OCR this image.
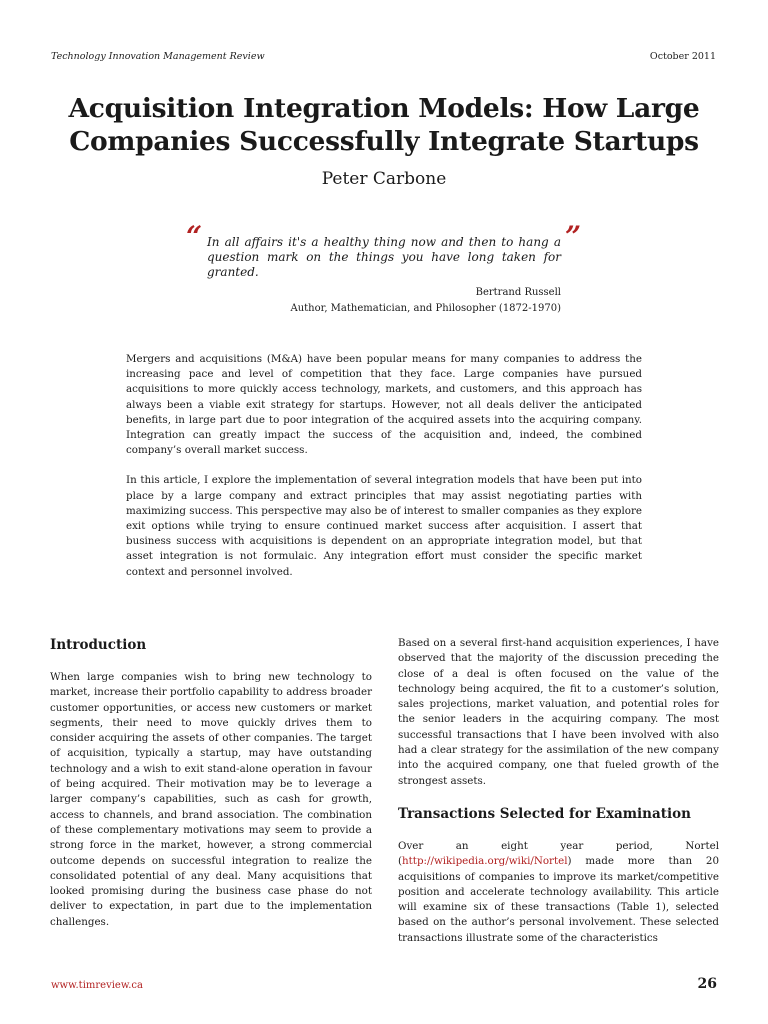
Technology Innovation Management Review	October 2011
Acquisition Integration Models: How Large
Companies Successfully Integrate Startups
Peter Carbone
“	”
In all affairs it's a healthy thing now and then to hang a question mark on the things you have long taken for granted.
Bertrand Russell
Author, Mathematician, and Philosopher (1872-1970)

Mergers and acquisitions (M&A) have been popular means for many companies to address the increasing pace and level of competition that they face. Large companies have pursued acquisitions to more quickly access technology, markets, and customers, and this approach has always been a viable exit strategy for startups. However, not all deals deliver the anticipated benefits, in large part due to poor integration of the acquired assets into the acquiring company. Integration can greatly impact the success of the acquisition and, indeed, the combined company’s overall market success.

In this article, I explore the implementation of several integration models that have been put into place by a large company and extract principles that may assist negotiating parties with maximizing success. This perspective may also be of interest to smaller companies as they explore exit options while trying to ensure continued market success after acquisition. I assert that business success with acquisitions is dependent on an appropriate integration model, but that asset integration is not formulaic. Any integration effort must consider the specific market context and personnel involved.

Introduction

When large companies wish to bring new technology to market, increase their portfolio capability to address broader customer opportunities, or access new customers or market segments, their need to move quickly drives them to consider acquiring the assets of other companies. The target of acquisition, typically a startup, may have outstanding technology and a wish to exit stand-alone operation in favour of being acquired. Their motivation may be to leverage a larger company’s capabilities, such as cash for growth, access to channels, and brand association. The combination of these complementary motivations may seem to provide a strong force in the market, however, a strong commercial outcome depends on successful integration to realize the consolidated potential of any deal. Many acquisitions that looked promising during the business case phase do not deliver to expectation, in part due to the implementation challenges.

Based on a several first-hand acquisition experiences, I have observed that the majority of the discussion preceding the close of a deal is often focused on the value of the technology being acquired, the fit to a customer’s solution, sales projections, market valuation, and potential roles for the senior leaders in the acquiring company. The most successful transactions that I have been involved with also had a clear strategy for the assimilation of the new company into the acquired company, one that fueled growth of the strongest assets.

Transactions Selected for Examination

Over an eight year period, Nortel (http://wikipedia.org/wiki/Nortel) made more than 20 acquisitions of companies to improve its market/competitive position and accelerate technology availability. This article will examine six of these transactions (Table 1), selected based on the author’s personal involvement. These selected transactions illustrate some of the characteristics

www.timreview.ca	26
